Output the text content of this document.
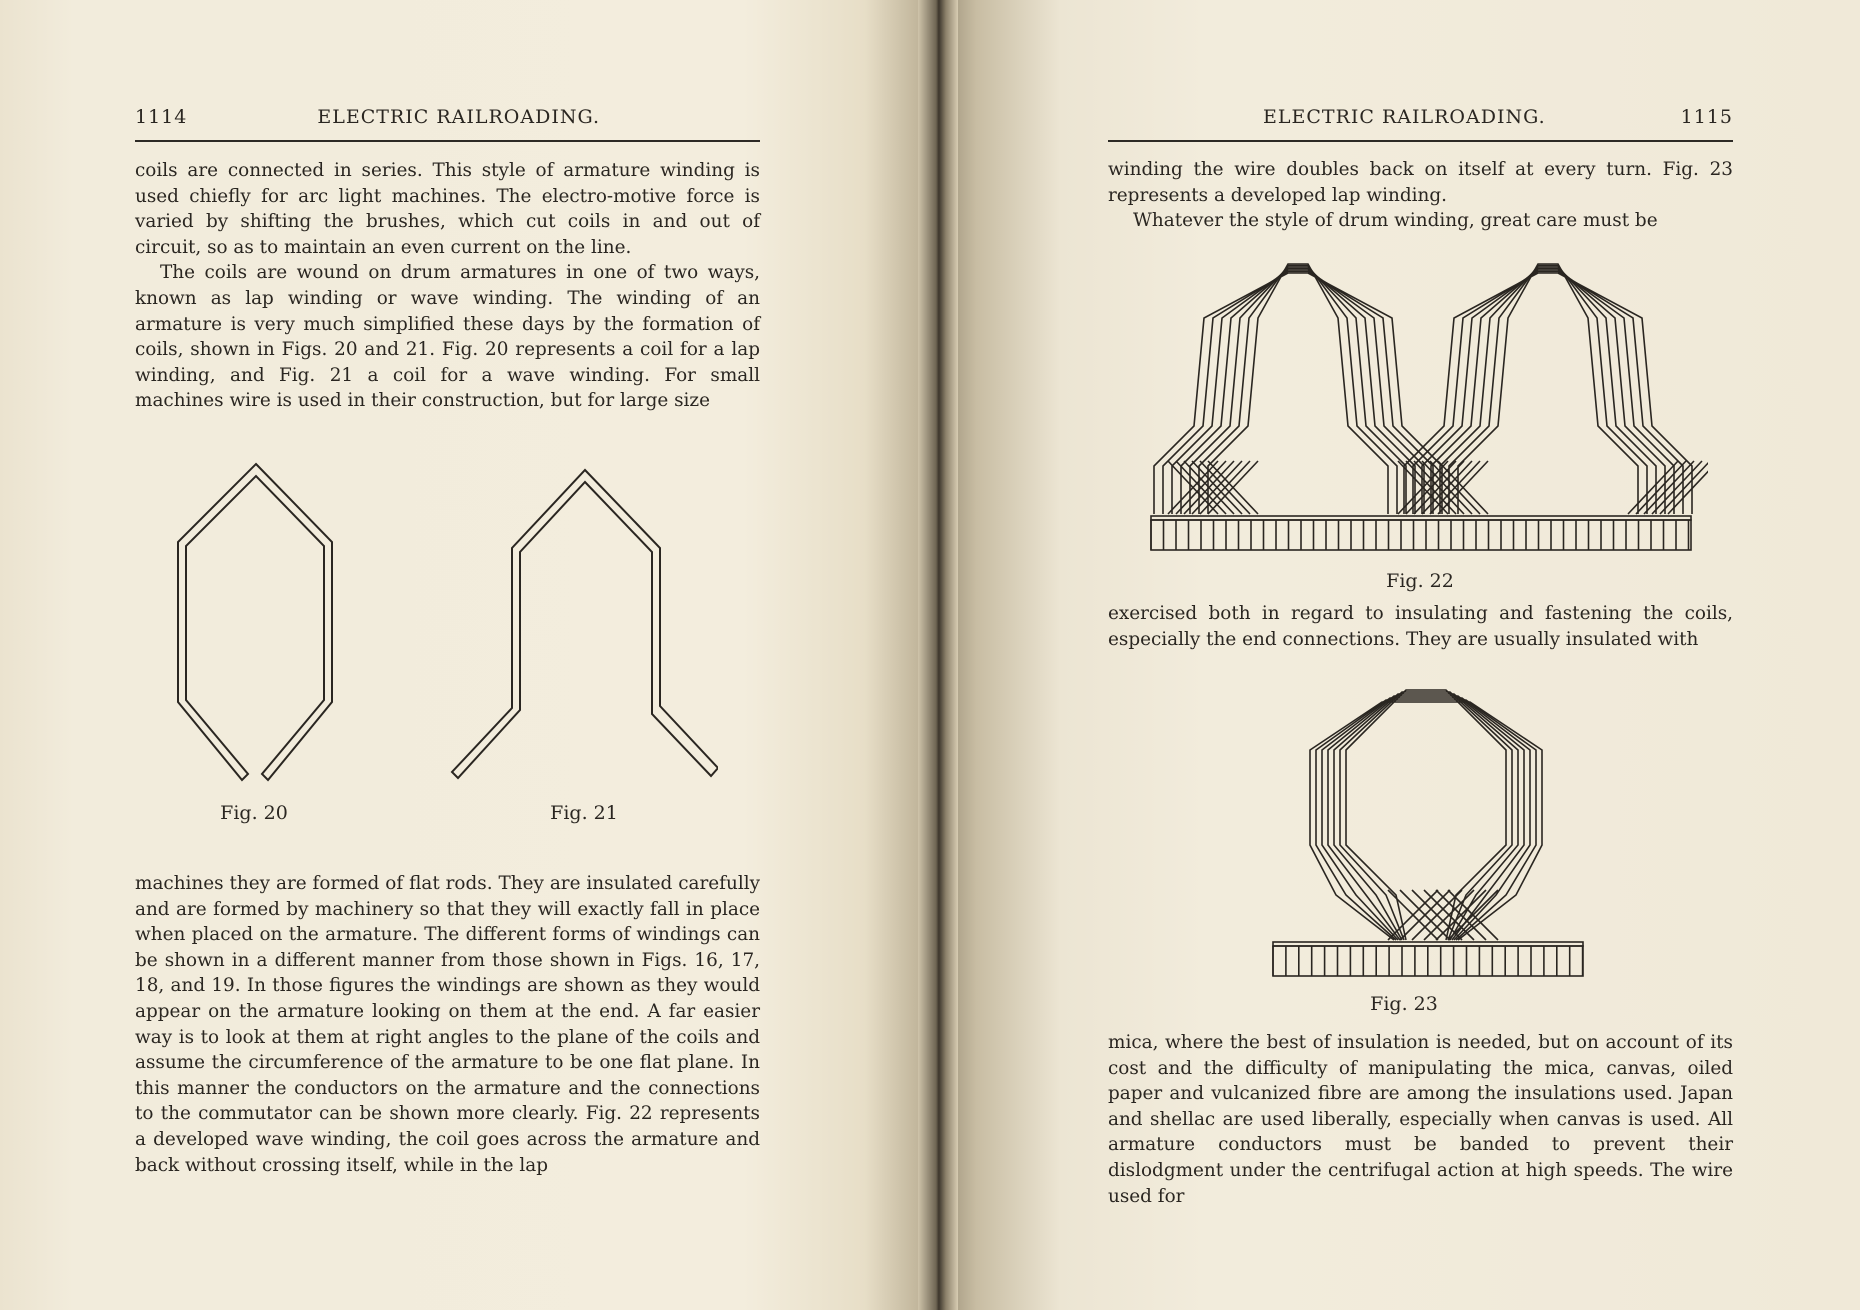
1114	ELECTRIC RAILROADING.

coils are connected in series. This style of armature winding is used chiefly for arc light machines. The electro-motive force is varied by shifting the brushes, which cut coils in and out of circuit, so as to maintain an even current on the line.

The coils are wound on drum armatures in one of two ways, known as lap winding or wave winding. The winding of an armature is very much simplified these days by the formation of coils, shown in Figs. 20 and 21. Fig. 20 represents a coil for a lap winding, and Fig. 21 a coil for a wave winding. For small machines wire is used in their construction, but for large size

Fig. 20	Fig. 21

machines they are formed of flat rods. They are insulated carefully and are formed by machinery so that they will exactly fall in place when placed on the armature. The different forms of windings can be shown in a different manner from those shown in Figs. 16, 17, 18, and 19. In those figures the windings are shown as they would appear on the armature looking on them at the end. A far easier way is to look at them at right angles to the plane of the coils and assume the circumference of the armature to be one flat plane. In this manner the conductors on the armature and the connections to the commutator can be shown more clearly. Fig. 22 represents a developed wave winding, the coil goes across the armature and back without crossing itself, while in the lap

ELECTRIC RAILROADING.	1115

winding the wire doubles back on itself at every turn. Fig. 23 represents a developed lap winding.

Whatever the style of drum winding, great care must be

Fig. 22

exercised both in regard to insulating and fastening the coils, especially the end connections. They are usually insulated with

Fig. 23

mica, where the best of insulation is needed, but on account of its cost and the difficulty of manipulating the mica, canvas, oiled paper and vulcanized fibre are among the insulations used. Japan and shellac are used liberally, especially when canvas is used. All armature conductors must be banded to prevent their dislodgment under the centrifugal action at high speeds. The wire used for
